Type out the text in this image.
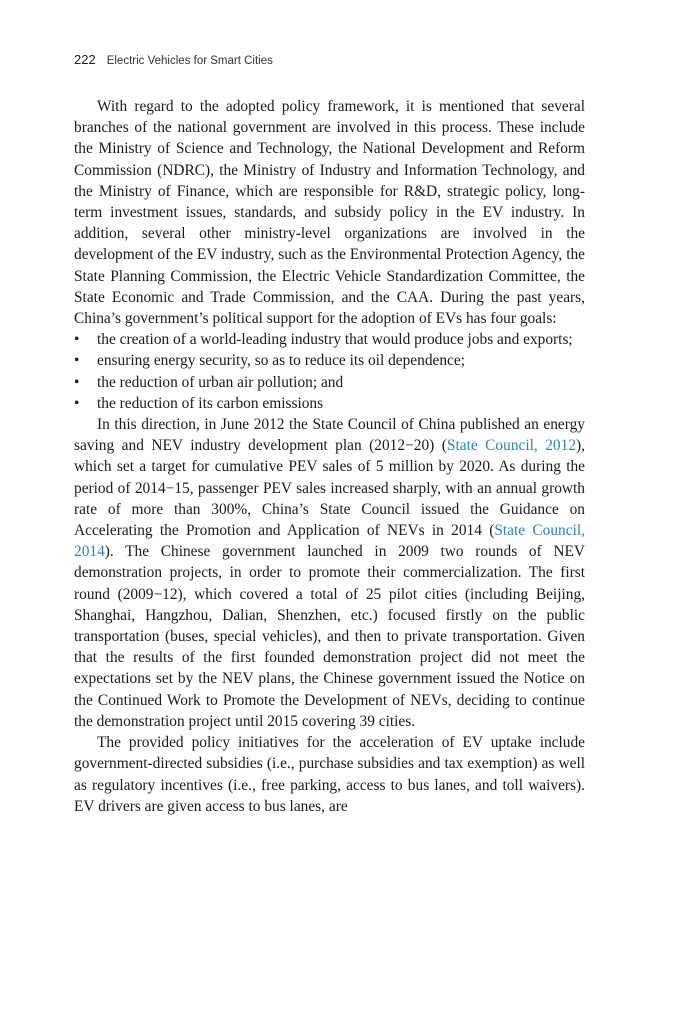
222 Electric Vehicles for Smart Cities

With regard to the adopted policy framework, it is mentioned that several branches of the national government are involved in this process. These include the Ministry of Science and Technology, the National Development and Reform Commission (NDRC), the Ministry of Industry and Information Technology, and the Ministry of Finance, which are responsible for R&D, strategic policy, long-term investment issues, standards, and subsidy policy in the EV industry. In addition, several other ministry-level organizations are involved in the development of the EV industry, such as the Environmental Protection Agency, the State Planning Commission, the Electric Vehicle Standardization Committee, the State Economic and Trade Commission, and the CAA. During the past years, China’s government’s political support for the adoption of EVs has four goals:

• the creation of a world-leading industry that would produce jobs and exports;
• ensuring energy security, so as to reduce its oil dependence;
• the reduction of urban air pollution; and
• the reduction of its carbon emissions

In this direction, in June 2012 the State Council of China published an energy saving and NEV industry development plan (2012−20) (State Council, 2012), which set a target for cumulative PEV sales of 5 million by 2020. As during the period of 2014−15, passenger PEV sales increased sharply, with an annual growth rate of more than 300%, China’s State Council issued the Guidance on Accelerating the Promotion and Application of NEVs in 2014 (State Council, 2014). The Chinese government launched in 2009 two rounds of NEV demonstration projects, in order to promote their commercialization. The first round (2009−12), which covered a total of 25 pilot cities (including Beijing, Shanghai, Hangzhou, Dalian, Shenzhen, etc.) focused firstly on the public transportation (buses, special vehicles), and then to private transportation. Given that the results of the first founded demonstration project did not meet the expectations set by the NEV plans, the Chinese government issued the Notice on the Continued Work to Promote the Development of NEVs, deciding to continue the demonstration project until 2015 covering 39 cities.

The provided policy initiatives for the acceleration of EV uptake include government-directed subsidies (i.e., purchase subsidies and tax exemption) as well as regulatory incentives (i.e., free parking, access to bus lanes, and toll waivers). EV drivers are given access to bus lanes, are
